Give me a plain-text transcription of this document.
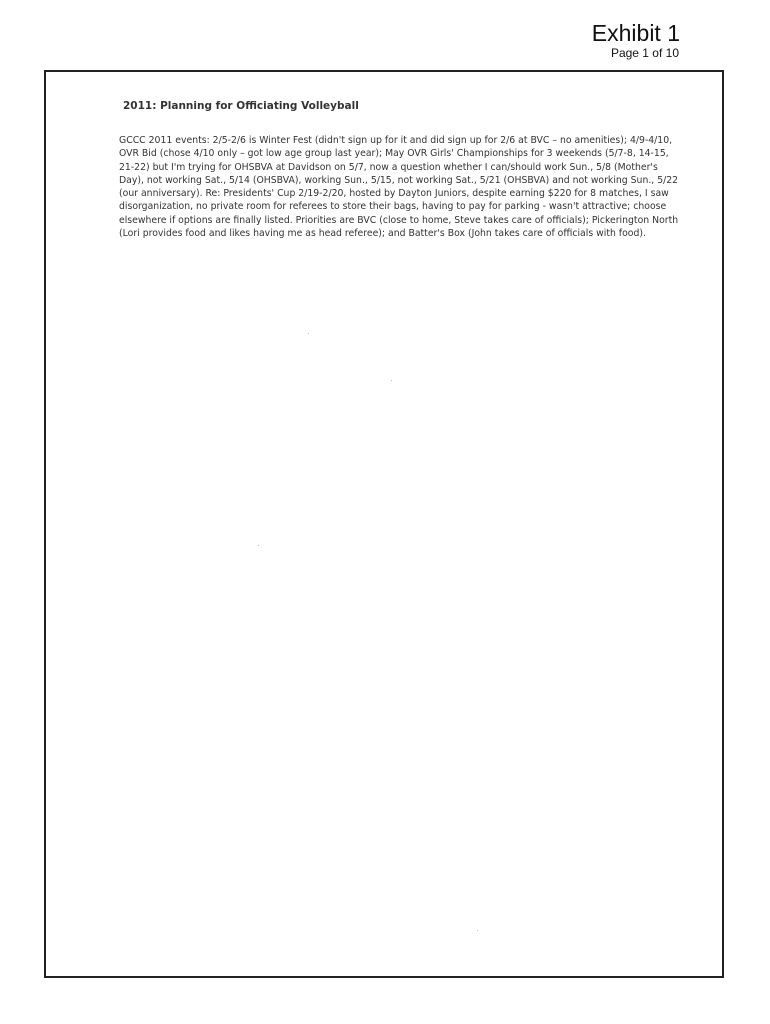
Exhibit 1
Page 1 of 10
2011: Planning for Officiating Volleyball

GCCC 2011 events: 2/5-2/6 is Winter Fest (didn't sign up for it and did sign up for 2/6 at BVC – no amenities); 4/9-4/10, OVR Bid (chose 4/10 only – got low age group last year); May OVR Girls' Championships for 3 weekends (5/7-8, 14-15, 21-22) but I'm trying for OHSBVA at Davidson on 5/7, now a question whether I can/should work Sun., 5/8 (Mother's Day), not working Sat., 5/14 (OHSBVA), working Sun., 5/15, not working Sat., 5/21 (OHSBVA) and not working Sun., 5/22 (our anniversary). Re: Presidents' Cup 2/19-2/20, hosted by Dayton Juniors, despite earning $220 for 8 matches, I saw disorganization, no private room for referees to store their bags, having to pay for parking - wasn't attractive; choose elsewhere if options are finally listed. Priorities are BVC (close to home, Steve takes care of officials); Pickerington North (Lori provides food and likes having me as head referee); and Batter's Box (John takes care of officials with food).
